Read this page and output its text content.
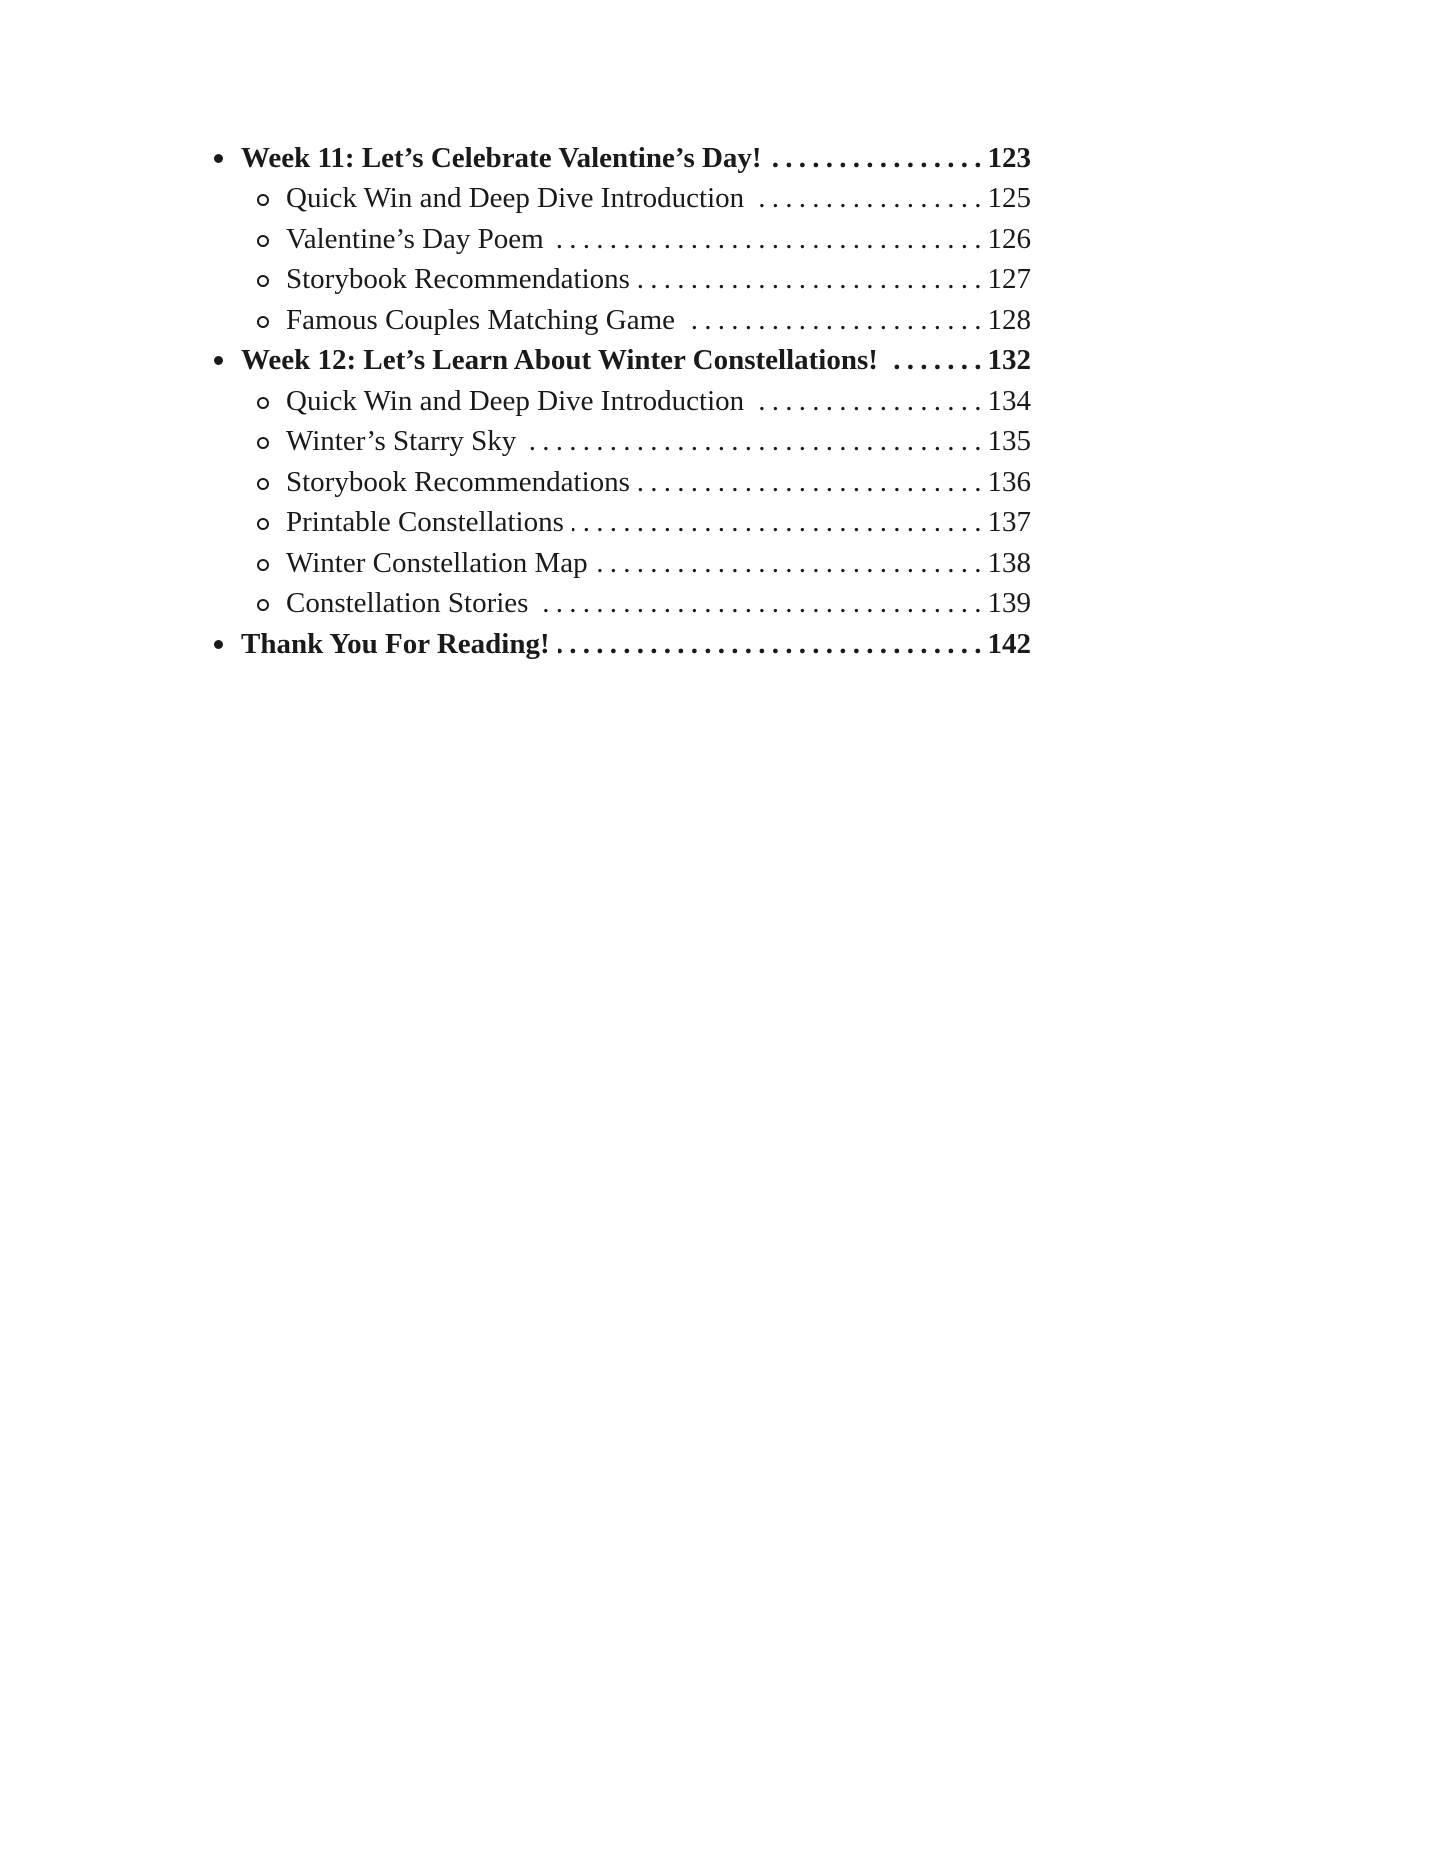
Week 11: Let’s Celebrate Valentine’s Day! . . .	123
Quick Win and Deep Dive Introduction . . .	125
Valentine’s Day Poem . . .	126
Storybook Recommendations . . .	127
Famous Couples Matching Game . . .	128
Week 12: Let’s Learn About Winter Constellations! . . .	132
Quick Win and Deep Dive Introduction . . .	134
Winter’s Starry Sky . . .	135
Storybook Recommendations . . .	136
Printable Constellations . . .	137
Winter Constellation Map . . .	138
Constellation Stories . . .	139
Thank You For Reading! . . .	142
